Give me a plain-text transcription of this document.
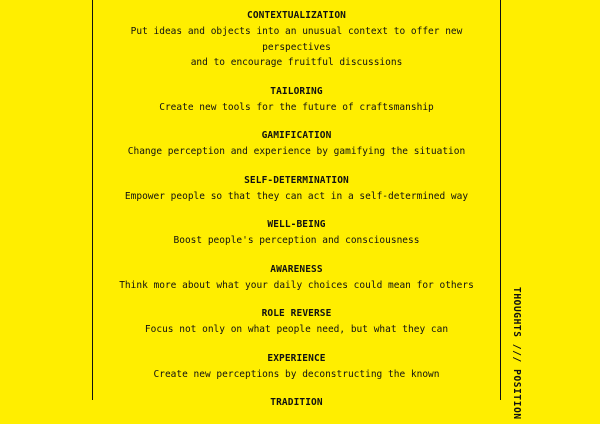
CONTEXTUALIZATION

Put ideas and objects into an unusual context to offer new perspectives
and to encourage fruitful discussions

TAILORING

Create new tools for the future of craftsmanship

GAMIFICATION

Change perception and experience by gamifying the situation

SELF-DETERMINATION

Empower people so that they can act in a self-determined way

WELL-BEING

Boost people's perception and consciousness

AWARENESS

Think more about what your daily choices could mean for others

ROLE REVERSE

Focus not only on what people need, but what they can

EXPERIENCE

Create new perceptions by deconstructing the known

TRADITION	THOUGHTS /// POSITION
